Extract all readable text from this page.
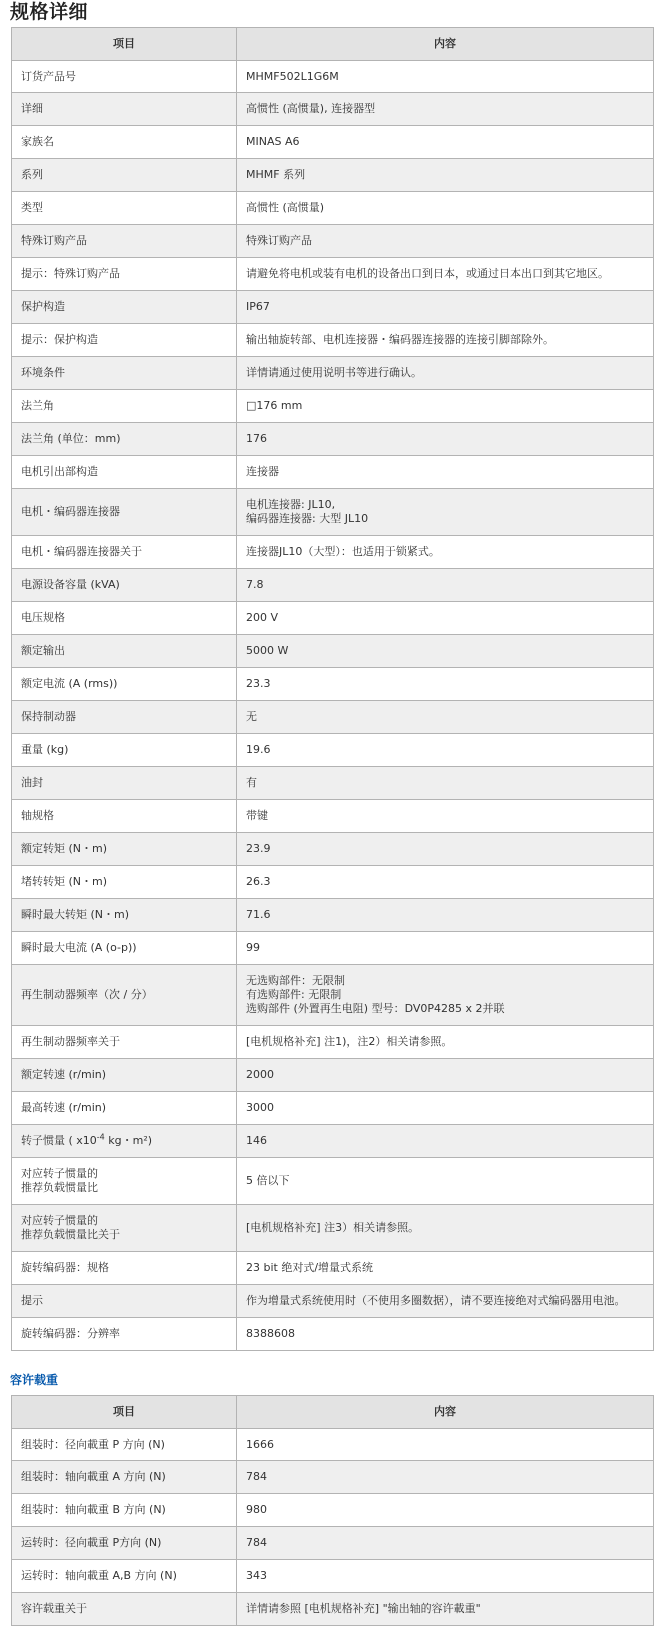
规格详细
项目	内容
订货产品号	MHMF502L1G6M
详细	高惯性 (高惯量), 连接器型
家族名	MINAS A6
系列	MHMF 系列
类型	高惯性 (高惯量)
特殊订购产品	特殊订购产品
提示：特殊订购产品	请避免将电机或装有电机的设备出口到日本，或通过日本出口到其它地区。
保护构造	IP67
提示：保护构造	输出轴旋转部、电机连接器・编码器连接器的连接引脚部除外。
环境条件	详情请通过使用说明书等进行确认。
法兰角	□176 mm
法兰角 (单位：mm)	176
电机引出部构造	连接器
电机・编码器连接器	电机连接器: JL10,
编码器连接器: 大型 JL10
电机・编码器连接器关于	连接器JL10（大型）：也适用于锁紧式。
电源设备容量 (kVA)	7.8
电压规格	200 V
额定输出	5000 W
额定电流 (A (rms))	23.3
保持制动器	无
重量 (kg)	19.6
油封	有
轴规格	带键
额定转矩 (N・m)	23.9
堵转转矩 (N・m)	26.3
瞬时最大转矩 (N・m)	71.6
瞬时最大电流 (A (o-p))	99
再生制动器频率（次 / 分）	无选购部件：无限制
有选购部件: 无限制
选购部件 (外置再生电阻) 型号：DV0P4285 x 2并联
再生制动器频率关于	[电机规格补充] 注1)，注2）相关请参照。
额定转速 (r/min)	2000
最高转速 (r/min)	3000
转子惯量 ( $x10^{-4}$ kg・m²)	146
对应转子惯量的
推荐负载惯量比	5 倍以下
对应转子惯量的
推荐负载惯量比关于	[电机规格补充] 注3）相关请参照。
旋转编码器：规格	23 bit 绝对式/增量式系统
提示	作为增量式系统使用时（不使用多圈数据），请不要连接绝对式编码器用电池。
旋转编码器：分辨率	8388608
容许载重
项目	内容
组装时：径向載重 P 方向 (N)	1666
组装时：轴向載重 A 方向 (N)	784
组装时：轴向載重 B 方向 (N)	980
运转时：径向載重 P方向 (N)	784
运转时：轴向載重 A,B 方向 (N)	343
容许载重关于	详情请参照 [电机规格补充] "输出轴的容许載重"
